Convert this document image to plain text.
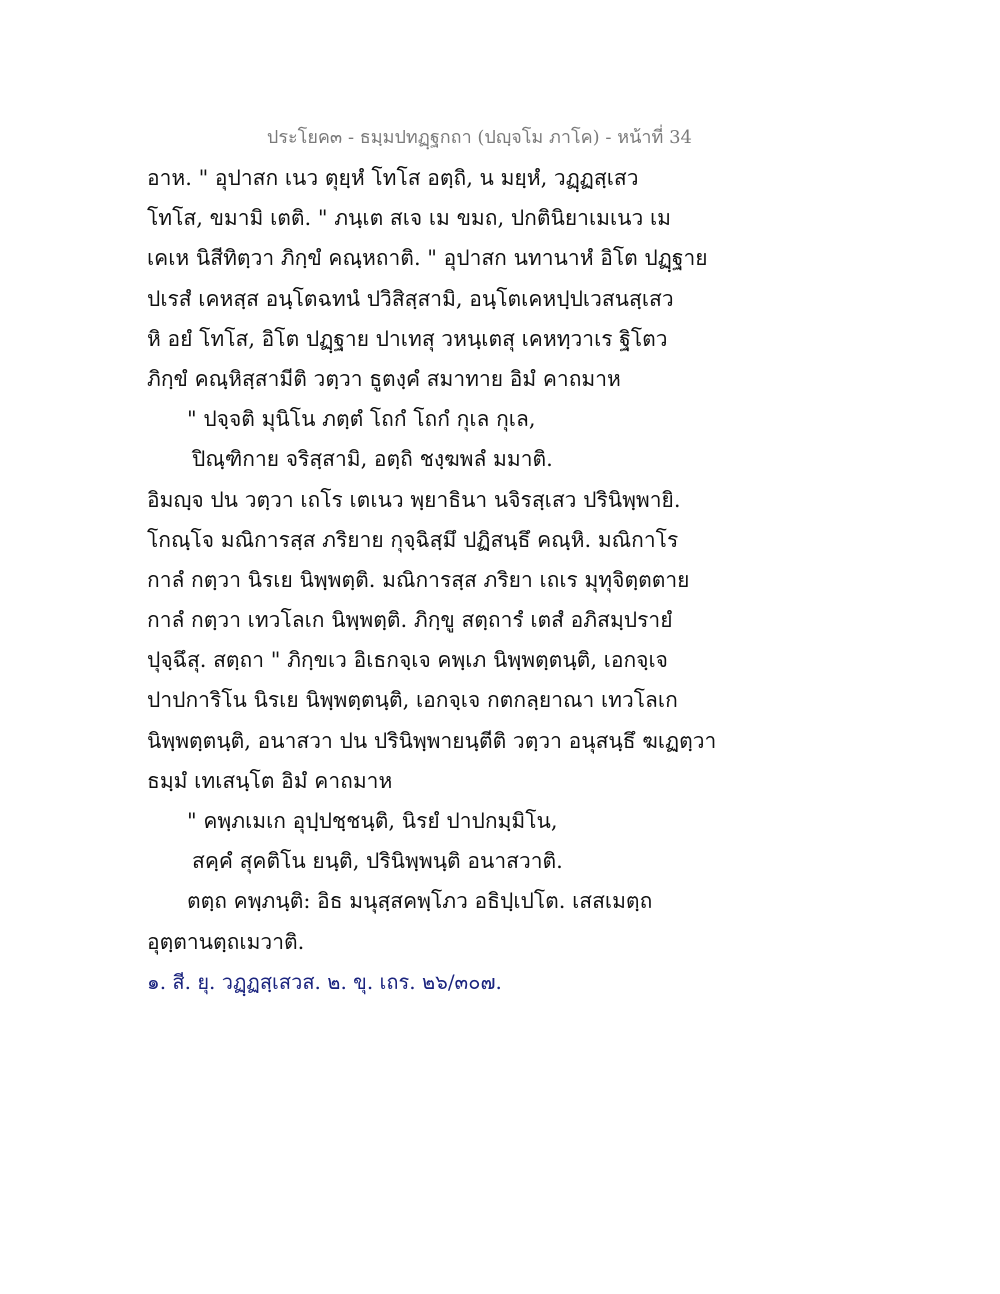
ประโยค๓ - ธมฺมปทฏฺฐกถา (ปญฺจโม ภาโค) - หน้าที่ 34
อาห. " อุปาสก เนว ตุยฺหํ โทโส อตฺถิ, น มยฺหํ, วฏฺฏสฺเสว
โทโส, ขมามิ เตติ. " ภนฺเต สเจ เม ขมถ, ปกตินิยาเมเนว เม
เคเห นิสีทิตฺวา ภิกฺขํ คณฺหถาติ. " อุปาสก นทานาหํ อิโต ปฏฺฐาย
ปเรสํ เคหสฺส อนฺโตฉทนํ ปวิสิสฺสามิ, อนฺโตเคหปฺปเวสนสฺเสว
หิ อยํ โทโส, อิโต ปฏฺฐาย ปาเทสุ วหนฺเตสุ เคหทฺวาเร ฐิโตว
ภิกฺขํ คณฺหิสฺสามีติ วตฺวา ธูตงฺคํ สมาทาย อิมํ คาถมาห
" ปจฺจติ มุนิโน ภตฺตํ โถกํ โถกํ กุเล กุเล,
ปิณฺฑิกาย จริสฺสามิ, อตฺถิ ชงฺฆพลํ มมาติ.
อิมญฺจ ปน วตฺวา เถโร เตเนว พฺยาธินา นจิรสฺเสว ปรินิพฺพายิ.
โกณฺโจ มณิการสฺส ภริยาย กุจฺฉิสฺมึ ปฏิสนฺธึ คณฺหิ. มณิกาโร
กาลํ กตฺวา นิรเย นิพฺพตฺติ. มณิการสฺส ภริยา เถเร มุทุจิตฺตตาย
กาลํ กตฺวา เทวโลเก นิพฺพตฺติ. ภิกฺขู สตฺถารํ เตสํ อภิสมฺปรายํ
ปุจฺฉึสุ. สตฺถา " ภิกฺขเว อิเธกจฺเจ คพฺเภ นิพฺพตฺตนฺติ, เอกจฺเจ
ปาปการิโน นิรเย นิพฺพตฺตนฺติ, เอกจฺเจ กตกลฺยาณา เทวโลเก
นิพฺพตฺตนฺติ, อนาสวา ปน ปรินิพฺพายนฺตีติ วตฺวา อนุสนฺธึ ฆเฏตฺวา
ธมฺมํ เทเสนฺโต อิมํ คาถมาห
" คพฺภเมเก อุปฺปชฺชนฺติ, นิรยํ ปาปกมฺมิโน,
สคฺคํ สุคติโน ยนฺติ, ปรินิพฺพนฺติ อนาสวาติ.
ตตฺถ คพฺภนฺติ: อิธ มนุสฺสคพฺโภว อธิปฺเปโต. เสสเมตฺถ
อุตฺตานตฺถเมวาติ.
๑. สี. ยุ. วฏฺฏสฺเสวส. ๒. ขุ. เถร. ๒๖/๓๐๗.
